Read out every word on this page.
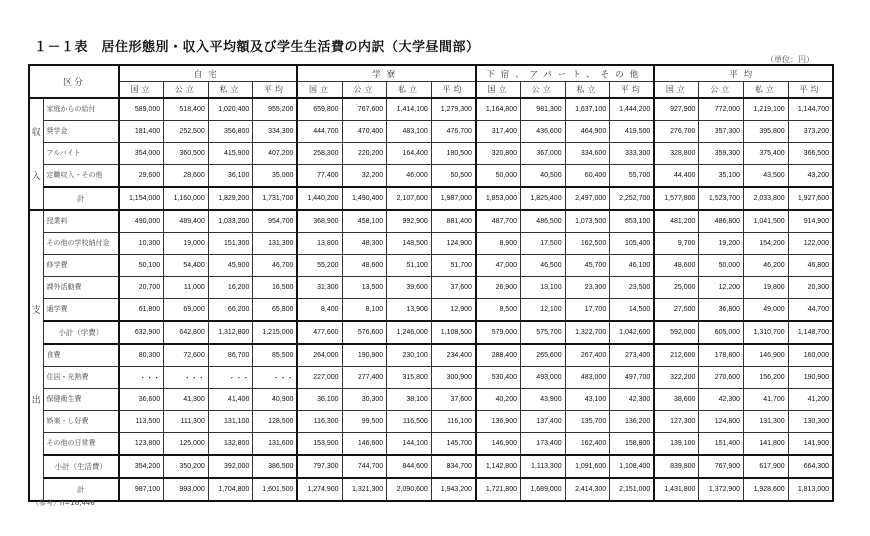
１－１表　居住形態別・収入平均額及び学生生活費の内訳（大学昼間部）
（単位：円）
区分		自宅				学寮				下宿、アパート、その他				平均			
		国立	公立	私立	平均	国立	公立	私立	平均	国立	公立	私立	平均	国立	公立	私立	平均
	家庭からの給付	589,000	518,400	1,020,400	955,200	659,800	767,600	1,414,100	1,279,300	1,164,800	981,300	1,637,100	1,444,200	927,900	772,000	1,219,100	1,144,700
収	奨学金	181,400	252,500	356,800	334,300	444,700	470,400	483,100	476,700	317,400	436,600	464,900	419,500	276,700	357,300	395,800	373,200
	アルバイト	354,000	360,500	415,900	407,200	258,300	220,200	164,400	180,500	320,800	367,000	334,600	333,300	328,800	359,300	375,400	366,500
入	定職収入・その他	29,600	28,600	36,100	35,000	77,400	32,200	46,000	50,500	50,000	40,500	60,400	55,700	44,400	35,100	43,500	43,200
	計	1,154,000	1,160,000	1,829,200	1,731,700	1,440,200	1,490,400	2,107,600	1,987,000	1,853,000	1,825,400	2,497,000	2,252,700	1,577,800	1,523,700	2,033,800	1,927,600
	授業料	490,000	489,400	1,033,200	954,700	368,900	458,100	992,900	881,400	487,700	486,500	1,073,500	853,100	481,200	486,800	1,041,500	914,900
	その他の学校納付金	10,300	19,000	151,300	131,300	13,800	48,300	148,500	124,900	8,900	17,500	162,500	105,400	9,700	19,200	154,200	122,000
	修学費	50,100	54,400	45,900	46,700	55,200	48,600	51,100	51,700	47,000	46,500	45,700	46,100	48,600	50,000	46,200	46,800
	課外活動費	20,700	11,000	16,200	16,500	31,300	13,500	39,600	37,600	26,900	13,100	23,300	23,500	25,000	12,200	19,800	20,300
支	通学費	61,800	69,000	66,200	65,800	8,400	8,100	13,900	12,900	8,500	12,100	17,700	14,500	27,500	36,800	49,000	44,700
	小計（学費）	632,900	642,800	1,312,800	1,215,000	477,600	576,600	1,246,000	1,108,500	579,000	575,700	1,322,700	1,042,600	592,000	605,000	1,310,700	1,148,700
	食費	80,300	72,600	86,700	85,500	264,000	190,900	230,100	234,400	288,400	265,600	267,400	273,400	212,600	178,800	146,900	160,000
	住居・光熱費	・・・	・・・	・・・	・・・	227,000	277,400	315,800	300,900	530,400	493,000	483,000	497,700	322,200	270,600	156,200	190,900
出	保健衛生費	36,600	41,300	41,400	40,900	36,100	30,300	38,100	37,600	40,200	43,900	43,100	42,300	38,600	42,300	41,700	41,200
	娯楽・し好費	113,500	111,300	131,100	128,500	116,300	99,500	116,500	116,100	136,900	137,400	135,700	136,200	127,300	124,800	131,300	130,300
	その他の日常費	123,800	125,000	132,800	131,600	153,900	146,600	144,100	145,700	146,900	173,400	162,400	158,800	139,100	151,400	141,800	141,900
	小計（生活費）	354,200	350,200	392,000	386,500	797,300	744,700	844,600	834,700	1,142,800	1,113,300	1,091,600	1,108,400	839,800	767,900	617,900	664,300
	計	987,100	993,000	1,704,800	1,601,500	1,274,900	1,321,300	2,090,600	1,943,200	1,721,800	1,689,000	2,414,300	2,151,000	1,431,800	1,372,900	1,928,600	1,813,000
（参考）n=16,446
